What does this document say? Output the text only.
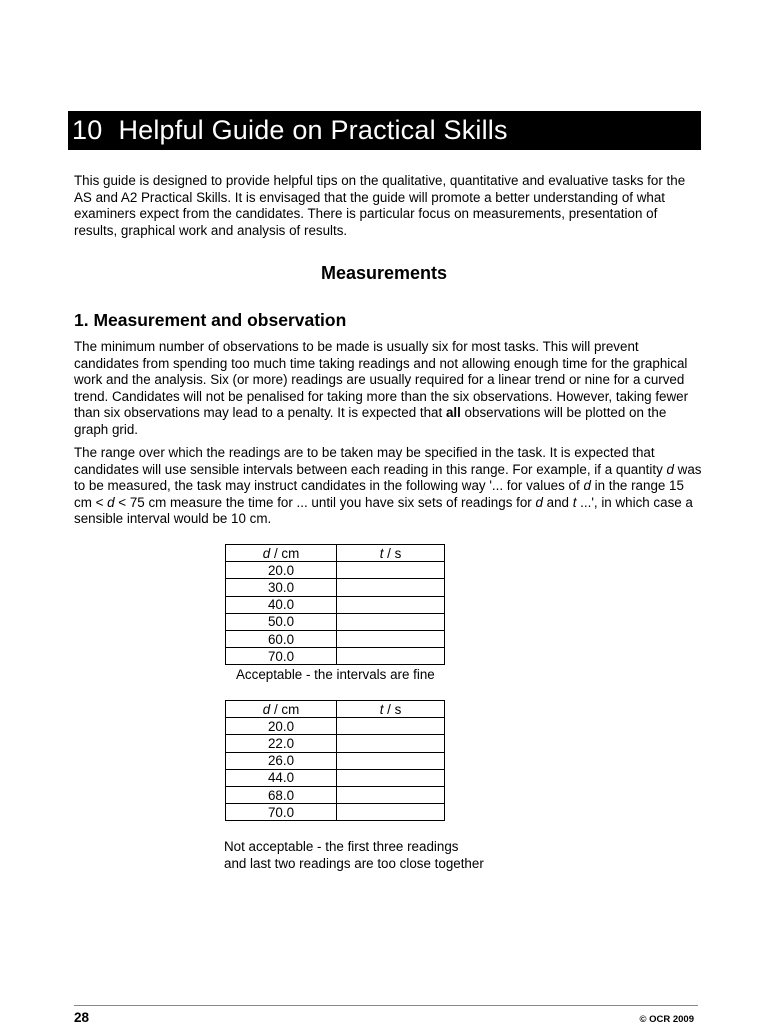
10 Helpful Guide on Practical Skills

This guide is designed to provide helpful tips on the qualitative, quantitative and evaluative tasks for the AS and A2 Practical Skills. It is envisaged that the guide will promote a better understanding of what examiners expect from the candidates. There is particular focus on measurements, presentation of results, graphical work and analysis of results.

Measurements
1. Measurement and observation

The minimum number of observations to be made is usually six for most tasks. This will prevent candidates from spending too much time taking readings and not allowing enough time for the graphical work and the analysis. Six (or more) readings are usually required for a linear trend or nine for a curved trend. Candidates will not be penalised for taking more than the six observations. However, taking fewer than six observations may lead to a penalty. It is expected that all observations will be plotted on the graph grid.

The range over which the readings are to be taken may be specified in the task. It is expected that candidates will use sensible intervals between each reading in this range. For example, if a quantity d was to be measured, the task may instruct candidates in the following way '... for values of d in the range 15 cm < d < 75 cm measure the time for ... until you have six sets of readings for d and t ...', in which case a sensible interval would be 10 cm.

d / cm	t / s
20.0	
30.0	
40.0	
50.0	
60.0	
70.0	
Acceptable - the intervals are fine
d / cm	t / s
20.0	
22.0	
26.0	
44.0	
68.0	
70.0	
Not acceptable - the first three readings and last two readings are too close together
28	© OCR 2009
